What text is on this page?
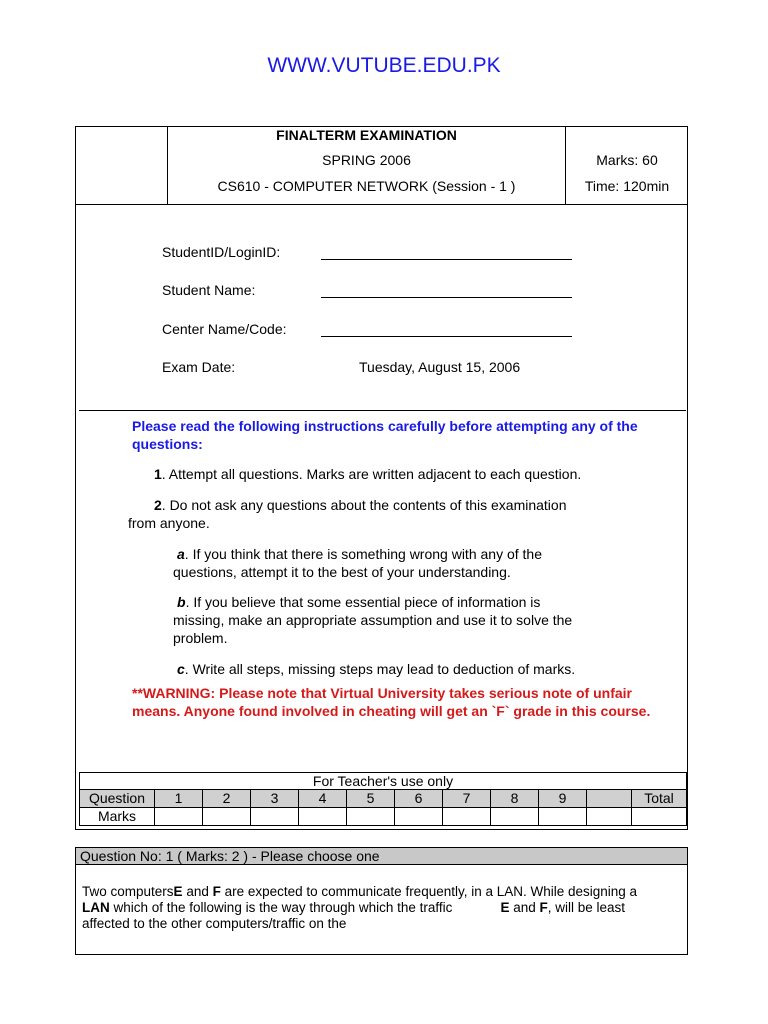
WWW.VUTUBE.EDU.PK
FINALTERM EXAMINATION
SPRING 2006
CS610 - COMPUTER NETWORK (Session - 1 )
Marks: 60
Time: 120min
StudentID/LoginID:
Student Name:
Center Name/Code:
Exam Date:	Tuesday, August 15, 2006
Please read the following instructions carefully before attempting any of the questions:
1. Attempt all questions. Marks are written adjacent to each question.
2. Do not ask any questions about the contents of this examination
from anyone.
a. If you think that there is something wrong with any of the
questions, attempt it to the best of your understanding.
b. If you believe that some essential piece of information is
missing, make an appropriate assumption and use it to solve the
problem.
c. Write all steps, missing steps may lead to deduction of marks.
**WARNING: Please note that Virtual University takes serious note of unfair means. Anyone found involved in cheating will get an `F` grade in this course.
For Teacher's use only											
Question	1	2	3	4	5	6	7	8	9		Total
Marks											
Question No: 1 ( Marks: 2 ) - Please choose one
Two computersE and F are expected to communicate frequently, in a LAN. While designing a
LAN which of the following is the way through which the traffic	E and F, will be least
affected to the other computers/traffic on the
